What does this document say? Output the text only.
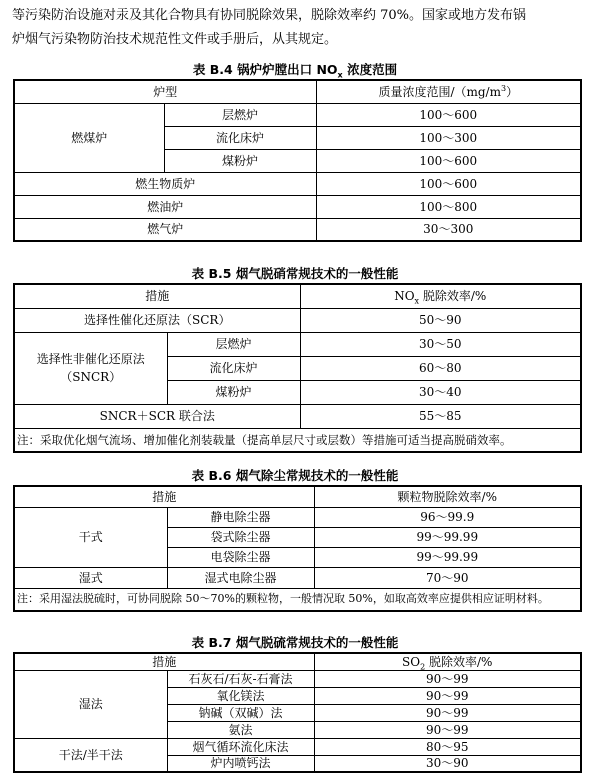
等污染防治设施对汞及其化合物具有协同脱除效果，脱除效率约 70%。国家或地方发布锅
炉烟气污染物防治技术规范性文件或手册后，从其规定。
表 B.4 锅炉炉膛出口 $NO_x$ 浓度范围
炉型		质量浓度范围$/(mg/m^3)$
燃煤炉	层燃炉	100～600
	流化床炉	100～300
	煤粉炉	100～600
燃生物质炉		100～600
燃油炉		100～800
燃气炉		30～300
表 B.5 烟气脱硝常规技术的一般性能
措施		$NO_x$ 脱除效率/%
选择性催化还原法（SCR）		50～90

选择性非催化还原法
（SNCR）	层燃炉	30～50
	流化床炉	60～80
	煤粉炉	30～40
SNCR＋SCR 联合法		55～85
注：采取优化烟气流场、增加催化剂装载量（提高单层尺寸或层数）等措施可适当提高脱硝效率。		
表 B.6 烟气除尘常规技术的一般性能
措施		颗粒物脱除效率/%
干式	静电除尘器	96～99.9
	袋式除尘器	99～99.99
	电袋除尘器	99～99.99
湿式	湿式电除尘器	70～90
注：采用湿法脱硫时，可协同脱除 50～70%的颗粒物，一般情况取 50%，如取高效率应提供相应证明材料。		
表 B.7 烟气脱硫常规技术的一般性能
措施		$SO_2$ 脱除效率/%
湿法	石灰石/石灰-石膏法	90～99
	氧化镁法	90～99
	钠碱（双碱）法	90～99
	氨法	90～99
干法/半干法	烟气循环流化床法	80～95
	炉内喷钙法	30～90
